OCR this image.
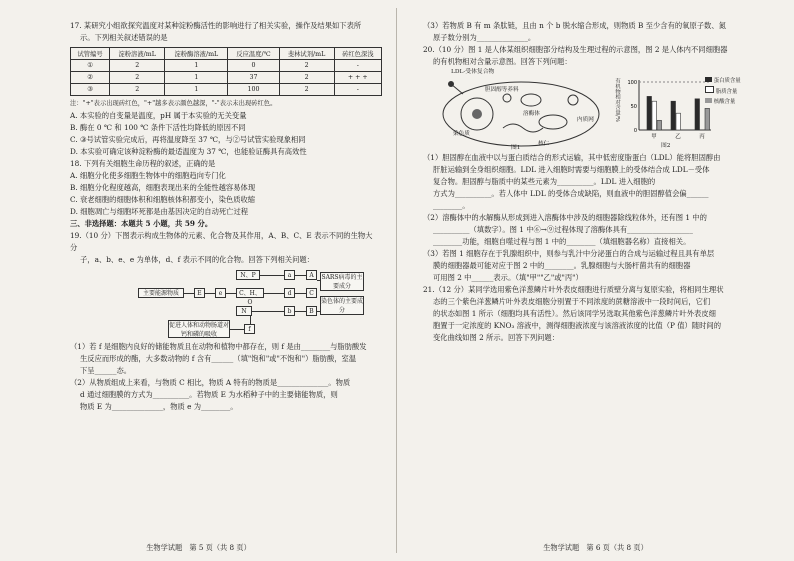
17. 某研究小组欲探究温度对某种淀粉酶活性的影响进行了相关实验，操作及结果如下表所

示。下列相关叙述错误的是

试管编号	淀粉溶液/mL	淀粉酶溶液/mL	反应温度/℃	斐林试剂/mL	砖红色深浅
①	2	1	0	2	-
②	2	1	37	2	+ + +
③	2	1	100	2	-

注："+"表示出现砖红色，"+"越多表示颜色越深，"-"表示未出现砖红色。

A. 本实验的自变量是温度，pH 属于本实验的无关变量

B. 酶在 0 ℃ 和 100 ℃ 条件下活性均降低的原因不同

C. ③号试管实验完成后，再将温度降至 37 ℃，与②号试管实验现象相同

D. 本实验可确定该种淀粉酶的最适温度为 37 ℃，也能验证酶具有高效性

18. 下列有关细胞生命历程的叙述，正确的是

A. 细胞分化使多细胞生物体中的细胞趋向专门化

B. 细胞分化程度越高，细胞表现出来的全能性越容易体现

C. 衰老细胞的细胞体积和细胞核体积都变小，染色质收缩

D. 细胞凋亡与细胞坏死都是由基因决定的自动死亡过程

三、非选择题：本题共 5 小题，共 59 分。

19.（10 分）下图表示构成生物体的元素、化合物及其作用，A、B、C、E 表示不同的生物大分

子，a、b、e、e 为单体，d、f 表示不同的化合物。回答下列相关问题：

主要能源物质	E	e
N、P
C、H、O
N
a
d
b
A
B
C
SARS病毒的主要成分
染色体的主要成分
促进人体和动物肠道对钙和磷的吸收
f

（1）若 f 是细胞内良好的储能物质且在动物和植物中都存在，则 f 是由________与脂肪酸发

生反应而形成的酯，大多数动物的 f 含有______（填"饱和"或"不饱和"）脂肪酸，室温

下呈______态。

（2）从物质组成上来看，与物质 C 相比，物质 A 特有的物质是______________。物质

d 通过细胞膜的方式为__________。若物质 E 为水稻种子中的主要储能物质，则

物质 E 为______________，物质 e 为________。

生物学试题　第 5 页（共 8 页）

（3）若物质 B 有 m 条肽链，且由 n 个 b 脱水缩合形成，则物质 B 至少含有的氧原子数、氮

原子数分别为______________。

20.（10 分）图 1 是人体某组织细胞部分结构及生理过程的示意图，图 2 是人体内不同细胞器

的有机物相对含量示意图。回答下列问题：

LDL-受体复合物
胆固醇等养料
溶酶体
染色质
内质网
核仁
图1
有机物相对含量/% 100
50
0
甲	乙	丙
蛋白质含量
脂质含量
核酸含量
图2

（1）胆固醇在血液中以与蛋白质结合的形式运输，其中低密度脂蛋白（LDL）能将胆固醇由

肝脏运输到全身组织细胞。LDL 进入细胞时需要与细胞膜上的受体结合成 LDL－受体

复合物。胆固醇与脂质中的某些元素为__________。LDL 进入细胞的

方式为__________。若人体中 LDL 的受体合成缺陷，则血液中的胆固醇值会偏______

________。

（2）溶酶体中的水解酶从形成到进入溶酶体中涉及的细胞器除线粒体外，还有图 1 中的

__________（填数字）。图 1 中⑥→⑨过程体现了溶酶体具有__________________

________功能，细胞自噬过程与图 1 中的________（填细胞器名称）直接相关。

（3）若图 1 细胞存在于乳腺组织中，则参与乳汁中分泌蛋白的合成与运输过程且具有单层

膜的细胞器最可能对应于图 2 中的________。乳腺细胞与大肠杆菌共有的细胞器

可用图 2 中______表示。（填"甲""乙"或"丙"）

21.（12 分）某同学选用紫色洋葱鳞片叶外表皮细胞进行质壁分离与复原实验，将相同生理状

态的三个紫色洋葱鳞片叶外表皮细胞分别置于不同浓度的蔗糖溶液中一段时间后，它们

的状态如图 1 所示（细胞均具有活性）。然后该同学另选取其他紫色洋葱鳞片叶外表皮细

胞置于一定浓度的 KNO₃ 溶液中，测得细胞液浓度与该溶液浓度的比值（P 值）随时间的

变化曲线如图 2 所示。回答下列问题：

生物学试题　第 6 页（共 8 页）
